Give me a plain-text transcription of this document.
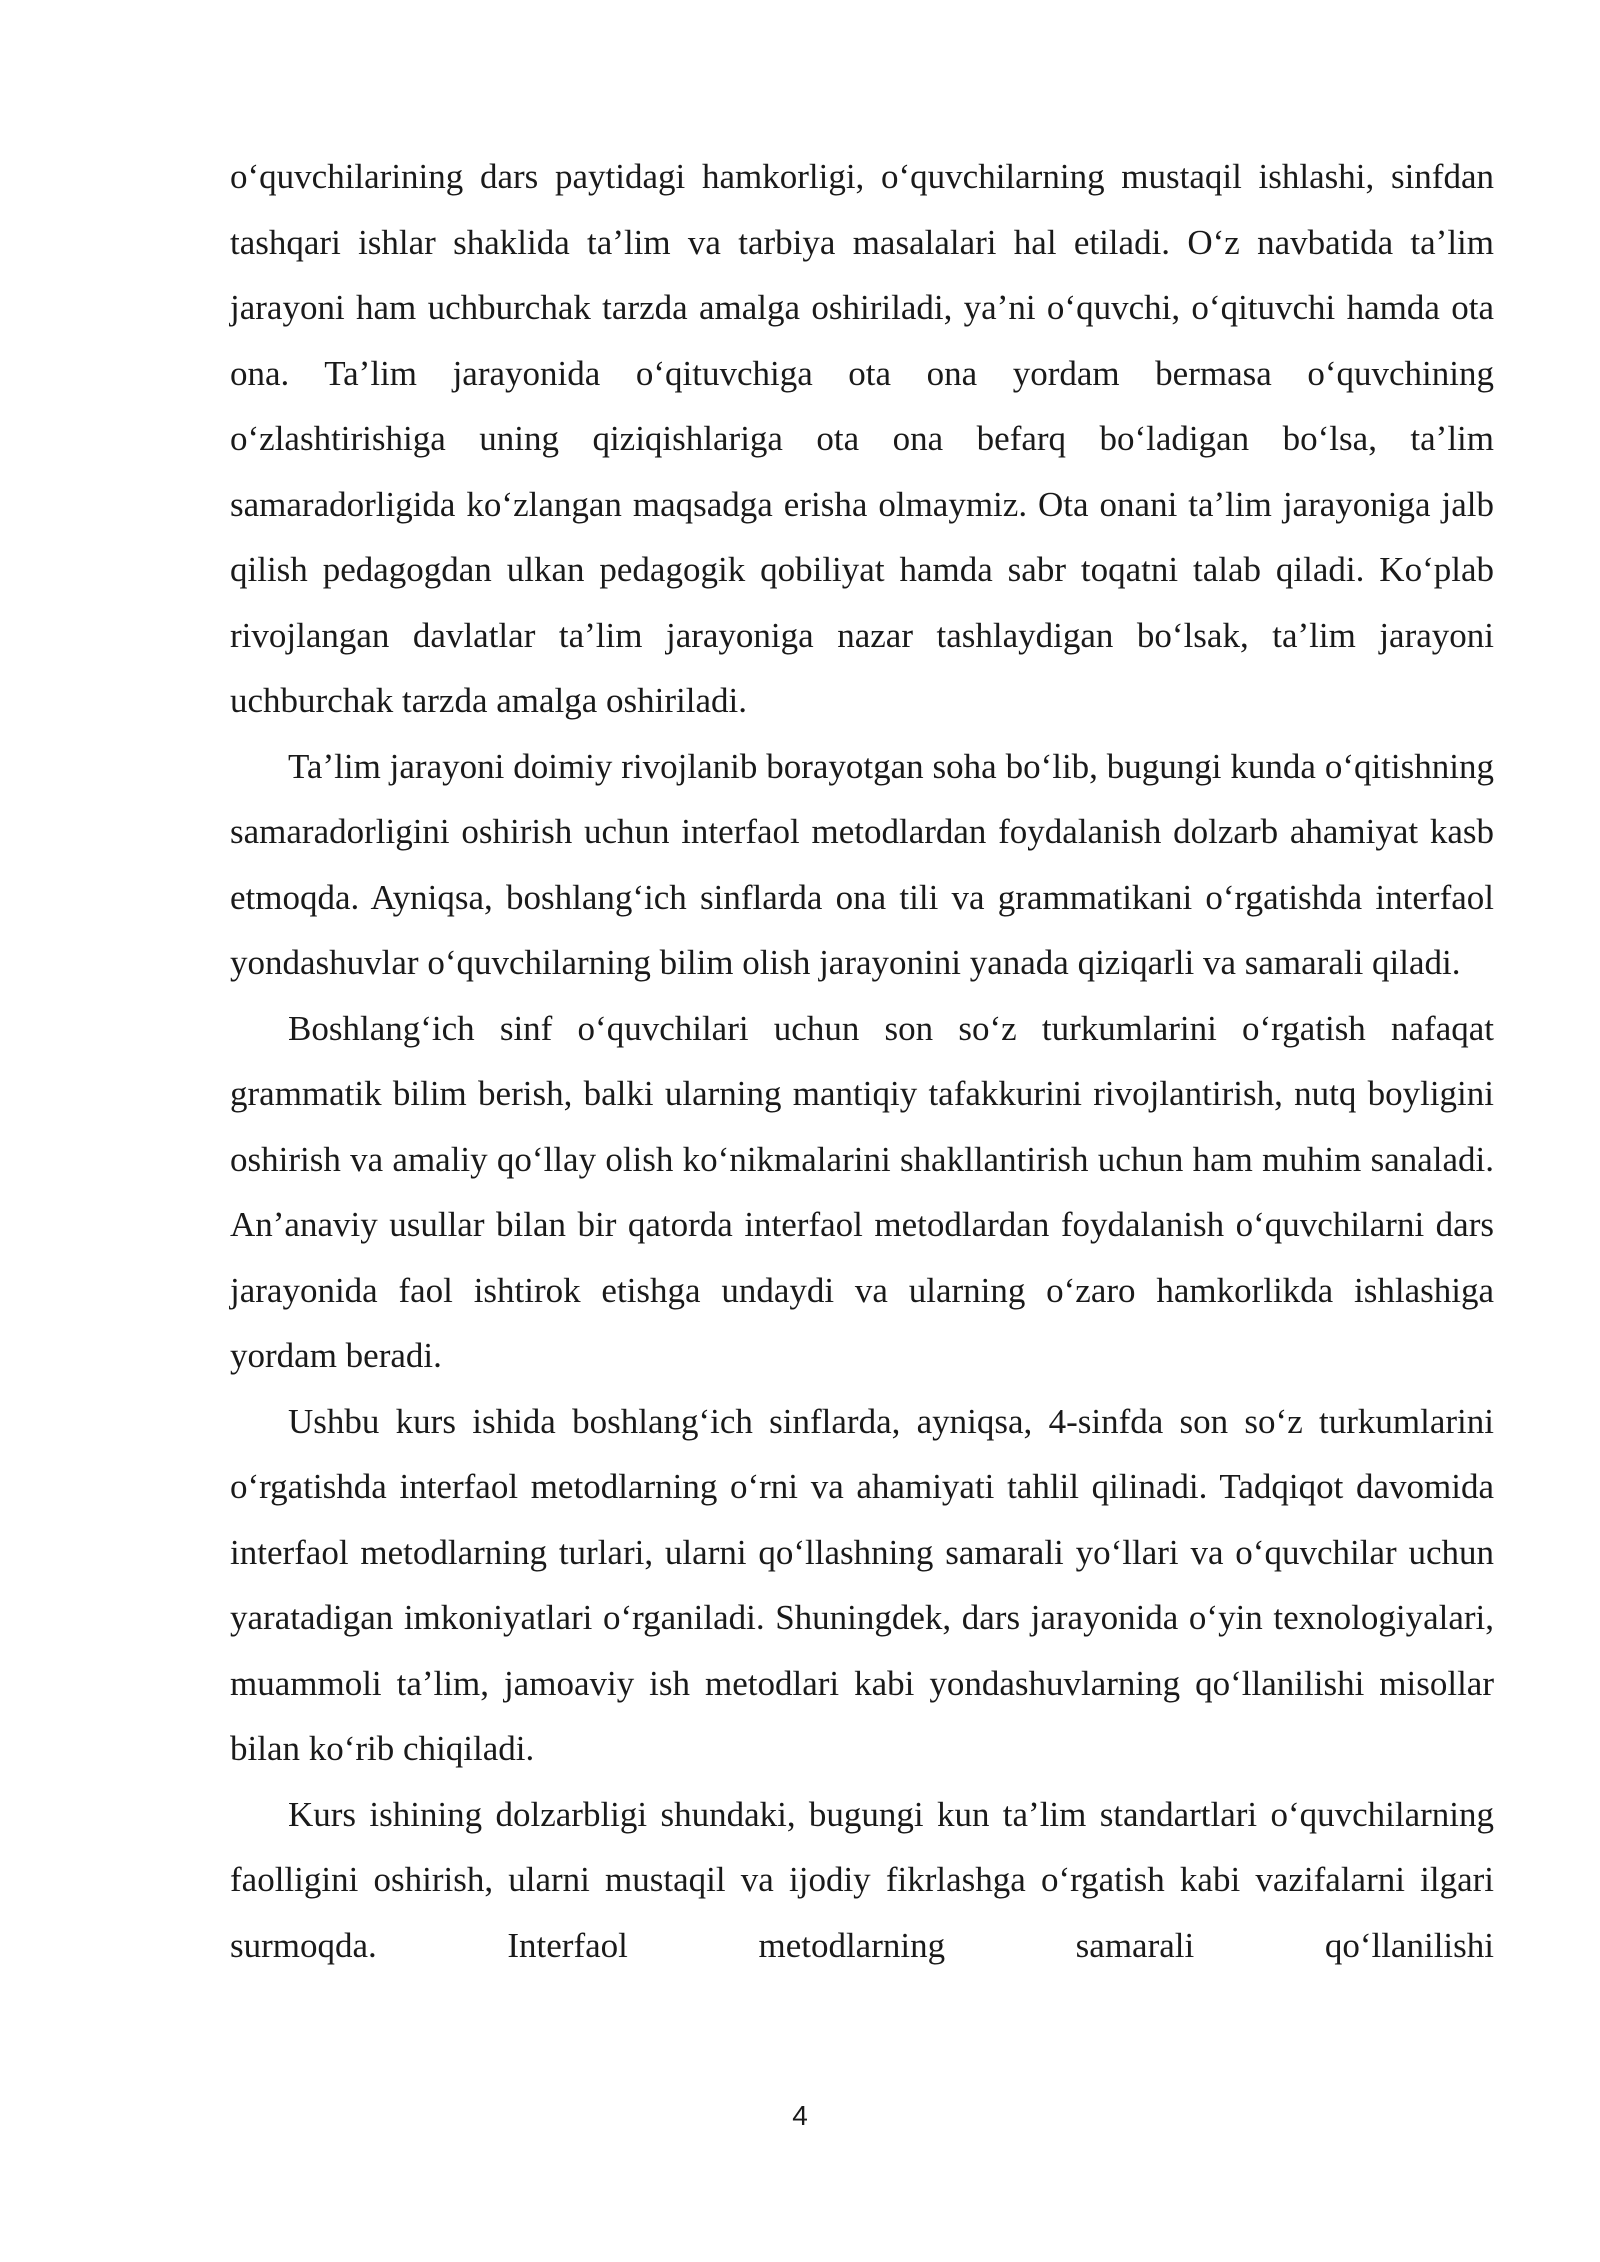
oʻquvchilarining dars paytidagi hamkorligi, oʻquvchilarning mustaqil ishlashi, sinfdan tashqari ishlar shaklida taʼlim va tarbiya masalalari hal etiladi. Oʻz navbatida taʼlim jarayoni ham uchburchak tarzda amalga oshiriladi, yaʼni oʻquvchi, oʻqituvchi hamda ota ona. Taʼlim jarayonida oʻqituvchiga ota ona yordam bermasa oʻquvchining oʻzlashtirishiga uning qiziqishlariga ota ona befarq boʻladigan boʻlsa, taʼlim samaradorligida koʻzlangan maqsadga erisha olmaymiz. Ota onani taʼlim jarayoniga jalb qilish pedagogdan ulkan pedagogik qobiliyat hamda sabr toqatni talab qiladi. Koʻplab rivojlangan davlatlar taʼlim jarayoniga nazar tashlaydigan boʻlsak, taʼlim jarayoni uchburchak tarzda amalga oshiriladi.

Taʼlim jarayoni doimiy rivojlanib borayotgan soha boʻlib, bugungi kunda oʻqitishning samaradorligini oshirish uchun interfaol metodlardan foydalanish dolzarb ahamiyat kasb etmoqda. Ayniqsa, boshlangʻich sinflarda ona tili va grammatikani oʻrgatishda interfaol yondashuvlar oʻquvchilarning bilim olish jarayonini yanada qiziqarli va samarali qiladi.

Boshlangʻich sinf oʻquvchilari uchun son soʻz turkumlarini oʻrgatish nafaqat grammatik bilim berish, balki ularning mantiqiy tafakkurini rivojlantirish, nutq boyligini oshirish va amaliy qoʻllay olish koʻnikmalarini shakllantirish uchun ham muhim sanaladi. Anʼanaviy usullar bilan bir qatorda interfaol metodlardan foydalanish oʻquvchilarni dars jarayonida faol ishtirok etishga undaydi va ularning oʻzaro hamkorlikda ishlashiga yordam beradi.

Ushbu kurs ishida boshlangʻich sinflarda, ayniqsa, 4-sinfda son soʻz turkumlarini oʻrgatishda interfaol metodlarning oʻrni va ahamiyati tahlil qilinadi. Tadqiqot davomida interfaol metodlarning turlari, ularni qoʻllashning samarali yoʻllari va oʻquvchilar uchun yaratadigan imkoniyatlari oʻrganiladi. Shuningdek, dars jarayonida oʻyin texnologiyalari, muammoli taʼlim, jamoaviy ish metodlari kabi yondashuvlarning qoʻllanilishi misollar bilan koʻrib chiqiladi.

Kurs ishining dolzarbligi shundaki, bugungi kun taʼlim standartlari oʻquvchilarning faolligini oshirish, ularni mustaqil va ijodiy fikrlashga oʻrgatish kabi vazifalarni ilgari surmoqda. Interfaol metodlarning samarali qoʻllanilishi

4
